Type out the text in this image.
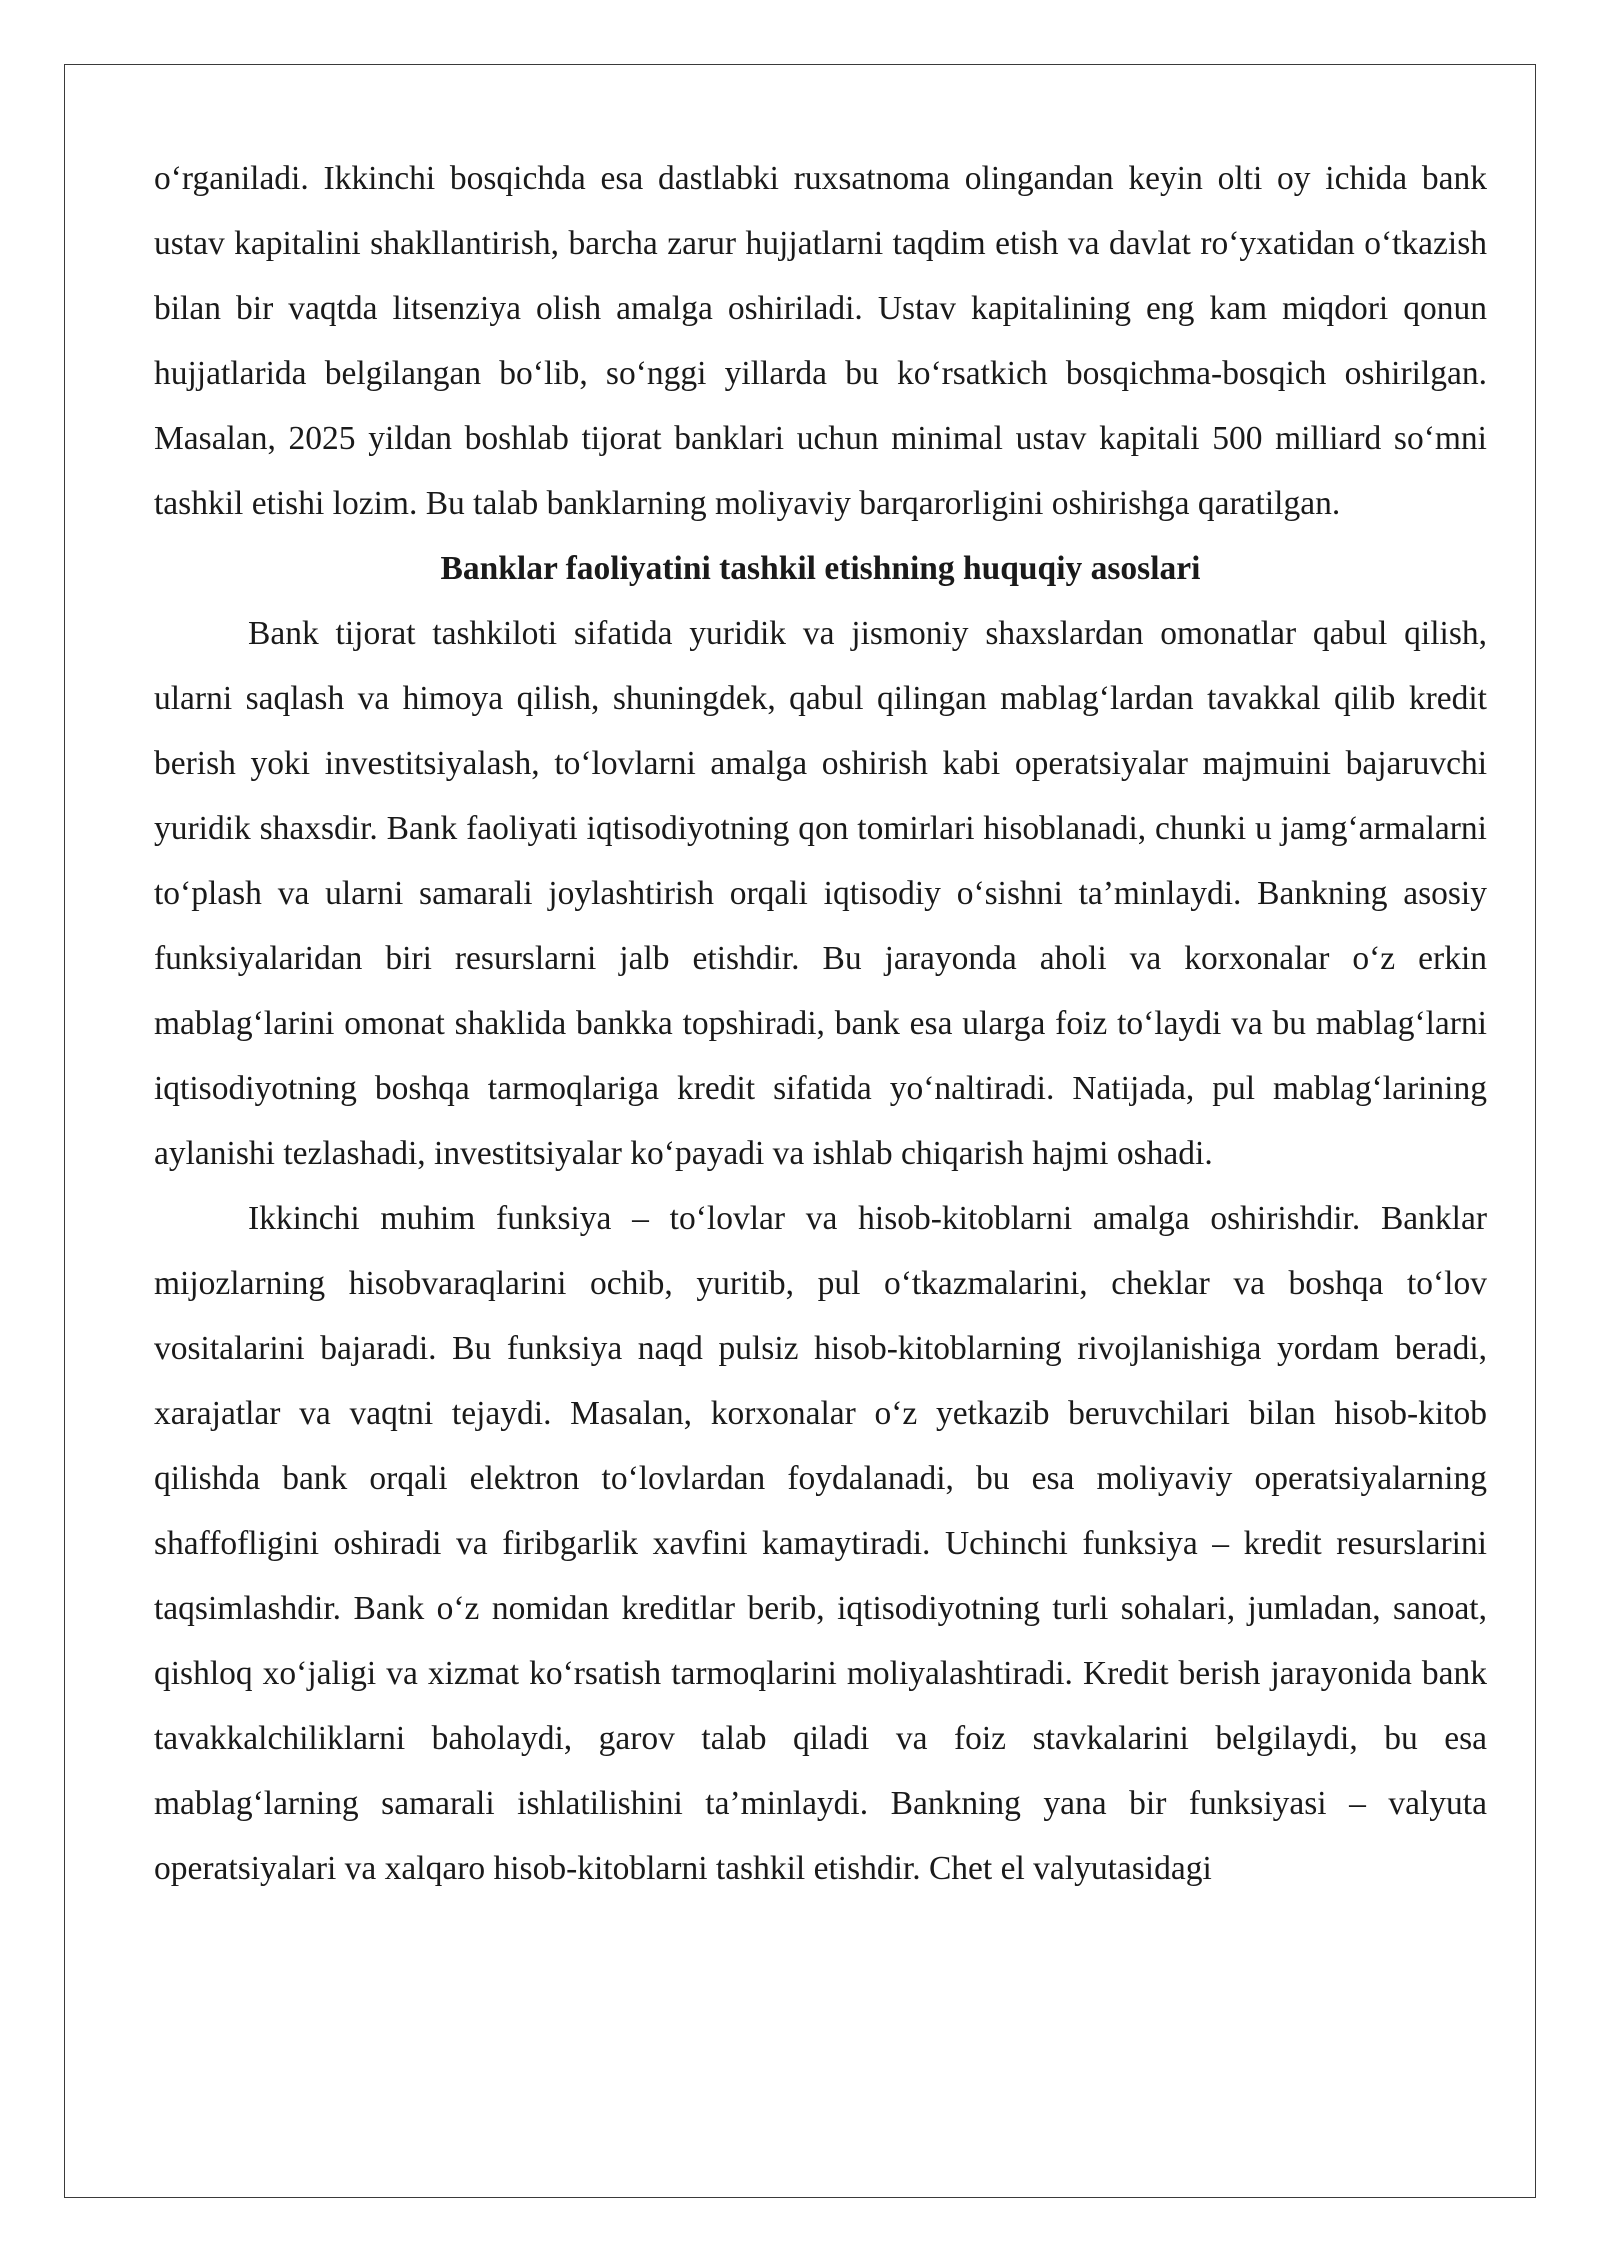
o‘rganiladi. Ikkinchi bosqichda esa dastlabki ruxsatnoma olingandan keyin olti oy ichida bank ustav kapitalini shakllantirish, barcha zarur hujjatlarni taqdim etish va davlat ro‘yxatidan o‘tkazish bilan bir vaqtda litsenziya olish amalga oshiriladi. Ustav kapitalining eng kam miqdori qonun hujjatlarida belgilangan bo‘lib, so‘nggi yillarda bu ko‘rsatkich bosqichma-bosqich oshirilgan. Masalan, 2025 yildan boshlab tijorat banklari uchun minimal ustav kapitali 500 milliard so‘mni tashkil etishi lozim. Bu talab banklarning moliyaviy barqarorligini oshirishga qaratilgan.

Banklar faoliyatini tashkil etishning huquqiy asoslari

Bank tijorat tashkiloti sifatida yuridik va jismoniy shaxslardan omonatlar qabul qilish, ularni saqlash va himoya qilish, shuningdek, qabul qilingan mablag‘lardan tavakkal qilib kredit berish yoki investitsiyalash, to‘lovlarni amalga oshirish kabi operatsiyalar majmuini bajaruvchi yuridik shaxsdir. Bank faoliyati iqtisodiyotning qon tomirlari hisoblanadi, chunki u jamg‘armalarni to‘plash va ularni samarali joylashtirish orqali iqtisodiy o‘sishni ta’minlaydi. Bankning asosiy funksiyalaridan biri resurslarni jalb etishdir. Bu jarayonda aholi va korxonalar o‘z erkin mablag‘larini omonat shaklida bankka topshiradi, bank esa ularga foiz to‘laydi va bu mablag‘larni iqtisodiyotning boshqa tarmoqlariga kredit sifatida yo‘naltiradi. Natijada, pul mablag‘larining aylanishi tezlashadi, investitsiyalar ko‘payadi va ishlab chiqarish hajmi oshadi.

Ikkinchi muhim funksiya – to‘lovlar va hisob-kitoblarni amalga oshirishdir. Banklar mijozlarning hisobvaraqlarini ochib, yuritib, pul o‘tkazmalarini, cheklar va boshqa to‘lov vositalarini bajaradi. Bu funksiya naqd pulsiz hisob-kitoblarning rivojlanishiga yordam beradi, xarajatlar va vaqtni tejaydi. Masalan, korxonalar o‘z yetkazib beruvchilari bilan hisob-kitob qilishda bank orqali elektron to‘lovlardan foydalanadi, bu esa moliyaviy operatsiyalarning shaffofligini oshiradi va firibgarlik xavfini kamaytiradi. Uchinchi funksiya – kredit resurslarini taqsimlashdir. Bank o‘z nomidan kreditlar berib, iqtisodiyotning turli sohalari, jumladan, sanoat, qishloq xo‘jaligi va xizmat ko‘rsatish tarmoqlarini moliyalashtiradi. Kredit berish jarayonida bank tavakkalchiliklarni baholaydi, garov talab qiladi va foiz stavkalarini belgilaydi, bu esa mablag‘larning samarali ishlatilishini ta’minlaydi. Bankning yana bir funksiyasi – valyuta operatsiyalari va xalqaro hisob-kitoblarni tashkil etishdir. Chet el valyutasidagi
